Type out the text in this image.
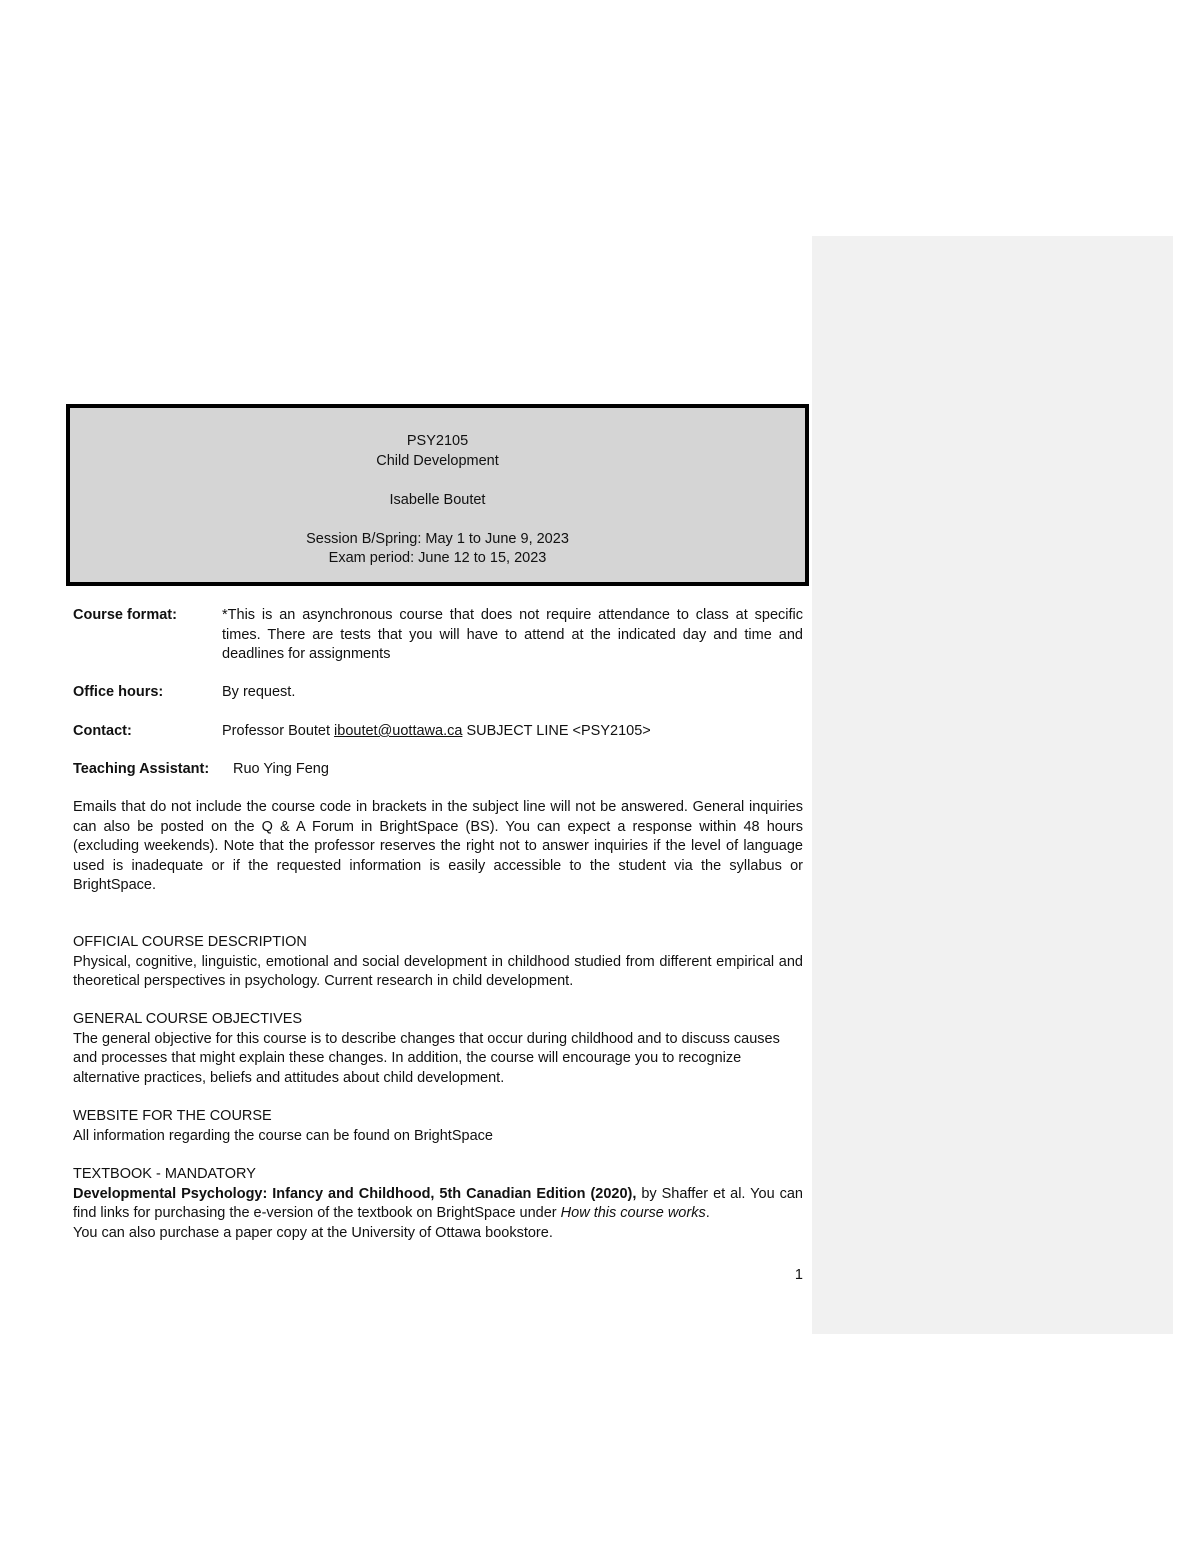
PSY2105
Child Development
Isabelle Boutet
Session B/Spring: May 1 to June 9, 2023
Exam period: June 12 to 15, 2023
Course format:	*This is an asynchronous course that does not require attendance to class at specific times. There are tests that you will have to attend at the indicated day and time and deadlines for assignments
Office hours:	By request.
Contact:	Professor Boutet iboutet@uottawa.ca SUBJECT LINE <PSY2105>
Teaching Assistant: Ruo Ying Feng
Emails that do not include the course code in brackets in the subject line will not be answered. General inquiries can also be posted on the Q & A Forum in BrightSpace (BS). You can expect a response within 48 hours (excluding weekends). Note that the professor reserves the right not to answer inquiries if the level of language used is inadequate or if the requested information is easily accessible to the student via the syllabus or BrightSpace.
OFFICIAL COURSE DESCRIPTION
Physical, cognitive, linguistic, emotional and social development in childhood studied from different empirical and theoretical perspectives in psychology. Current research in child development.
GENERAL COURSE OBJECTIVES
The general objective for this course is to describe changes that occur during childhood and to discuss causes and processes that might explain these changes. In addition, the course will encourage you to recognize alternative practices, beliefs and attitudes about child development.
WEBSITE FOR THE COURSE
All information regarding the course can be found on BrightSpace
TEXTBOOK - MANDATORY
Developmental Psychology: Infancy and Childhood, 5th Canadian Edition (2020), by Shaffer et al. You can find links for purchasing the e-version of the textbook on BrightSpace under How this course works.
You can also purchase a paper copy at the University of Ottawa bookstore.
1
